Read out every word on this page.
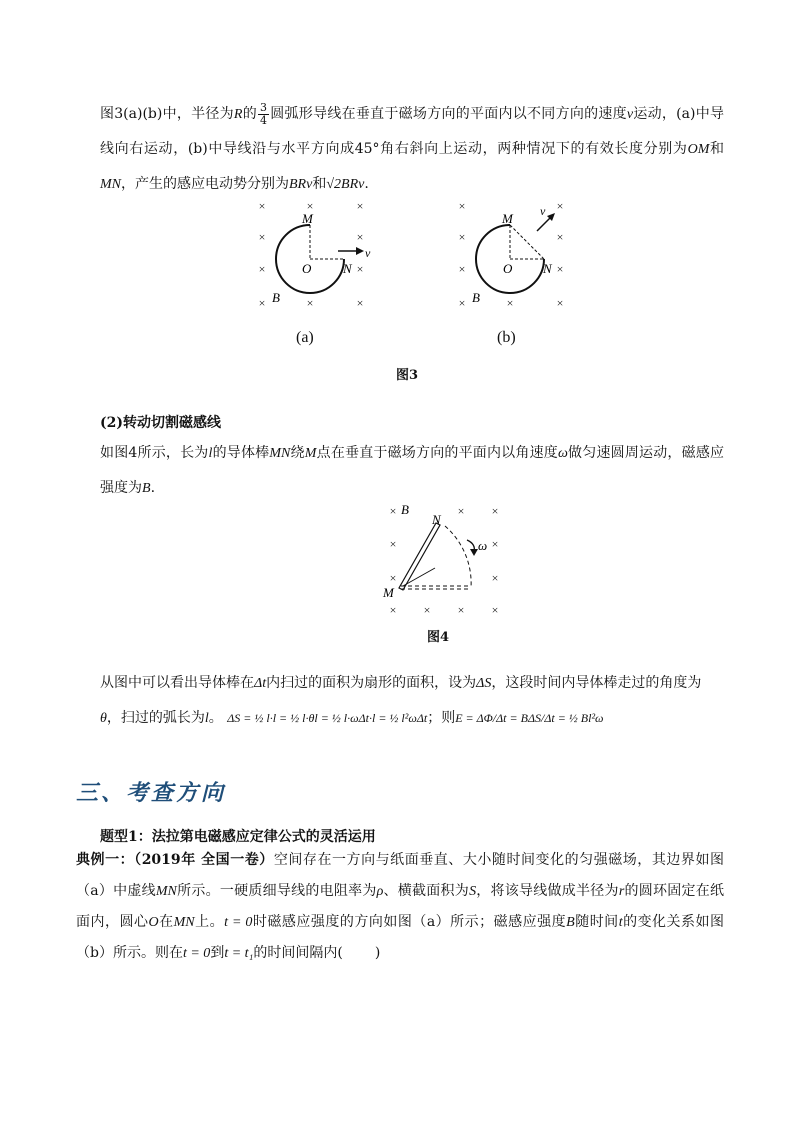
图3(a)(b)中，半径为R的 $\frac{3}{4}$ 圆弧形导线在垂直于磁场方向的平面内以不同方向的速度v运动，(a)中导线向右运动，(b)中导线沿与水平方向成45°角右斜向上运动，两种情况下的有效长度分别为OM和MN，产生的感应电动势分别为BRv和√2BRv.
×	×	×
×	×
×	×
×	×	×
M
O N
v
B
×	×
×	×
×	×
×	×	×
M
O N
v
B
(a)	(b)
图3
(2)转动切割磁感线
如图4所示，长为l的导体棒MN绕M点在垂直于磁场方向的平面内以角速度ω做匀速圆周运动，磁感应强度为B.
×	× ×
×	×
×	×
× × × ×
B
N
M
ω
图4
从图中可以看出导体棒在Δt内扫过的面积为扇形的面积，设为ΔS，这段时间内导体棒走过的角度为
θ，扫过的弧长为l。 ΔS = ½ l·l = ½ l·θl = ½ l·ωΔt·l = ½ l²ωΔt；则E = ΔΦ/Δt = BΔS/Δt = ½ Bl²ω
三、考查方向
题型1：法拉第电磁感应定律公式的灵活运用
典例一：（2019年 全国一卷）空间存在一方向与纸面垂直、大小随时间变化的匀强磁场，其边界如图（a）中虚线MN所示。一硬质细导线的电阻率为ρ、横截面积为S，将该导线做成半径为r的圆环固定在纸面内，圆心O在MN上。t = 0时磁感应强度的方向如图（a）所示；磁感应强度B随时间t的变化关系如图（b）所示。则在t = 0到t = t₁的时间间隔内( )
